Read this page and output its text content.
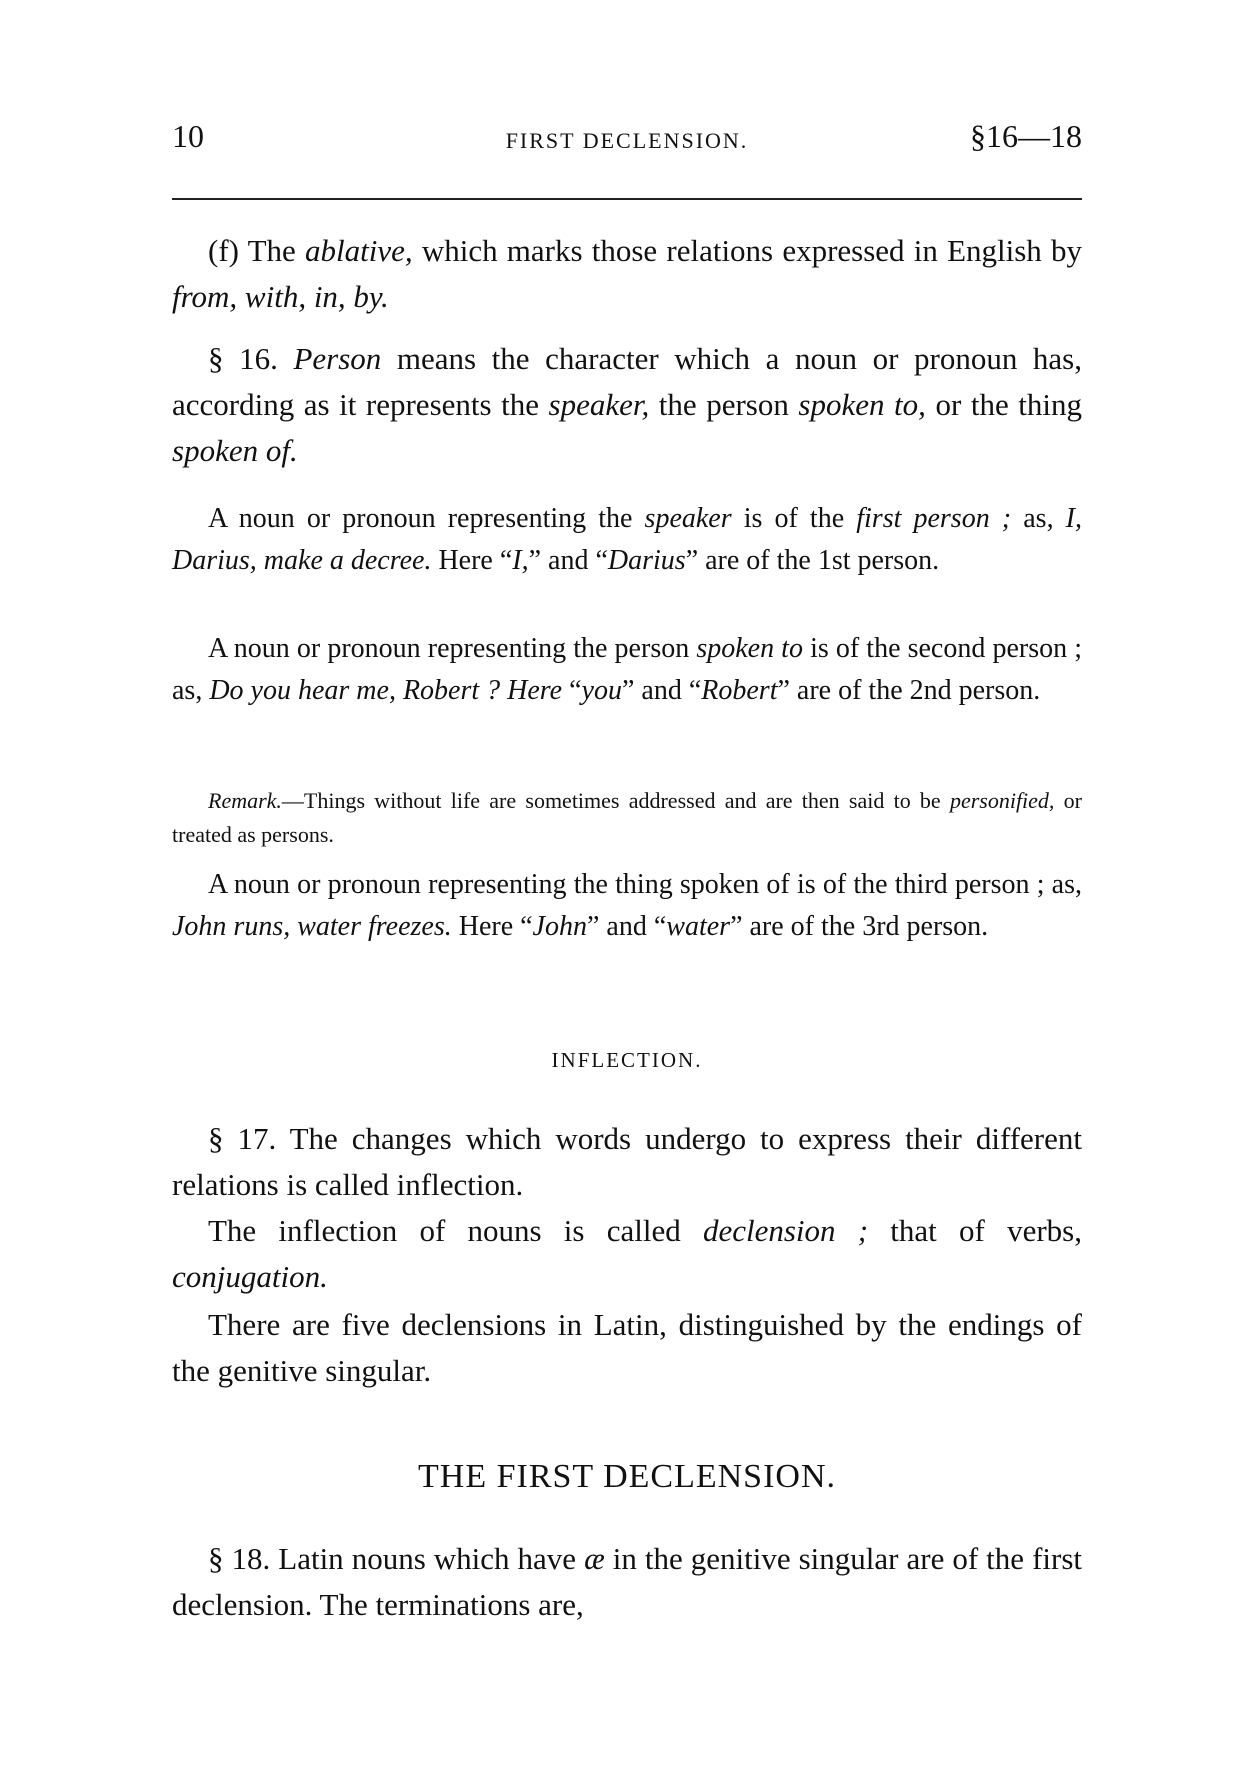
10	FIRST DECLENSION.	§16—18

(f) The ablative, which marks those relations expressed in English by from, with, in, by.

§ 16. Person means the character which a noun or pronoun has, according as it represents the speaker, the person spoken to, or the thing spoken of.

A noun or pronoun representing the speaker is of the first person ; as, I, Darius, make a decree. Here “I,” and “Darius” are of the 1st person.

A noun or pronoun representing the person spoken to is of the second person ; as, Do you hear me, Robert ? Here “you” and “Robert” are of the 2nd person.

Remark.—Things without life are sometimes addressed and are then said to be personified, or treated as persons.

A noun or pronoun representing the thing spoken of is of the third person ; as, John runs, water freezes. Here “John” and “water” are of the 3rd person.

INFLECTION.

§ 17. The changes which words undergo to express their different relations is called inflection.

The inflection of nouns is called declension ; that of verbs, conjugation.

There are five declensions in Latin, distinguished by the endings of the genitive singular.

THE FIRST DECLENSION.

§ 18. Latin nouns which have æ in the genitive singular are of the first declension. The terminations are,
